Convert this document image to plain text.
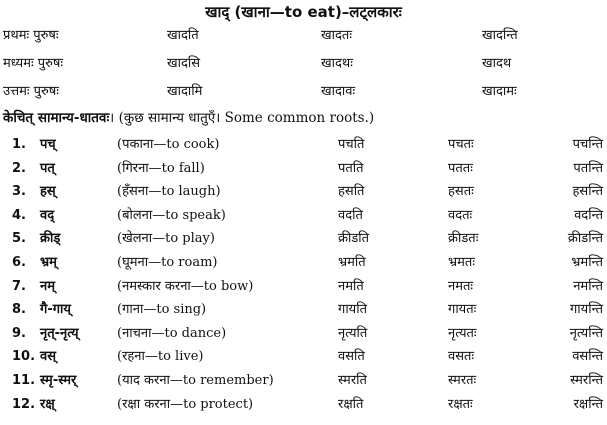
खाद् (खाना—to eat)–लट्लकारः
प्रथमः पुरुषः	खादति	खादतः	खादन्ति
मध्यमः पुरुषः	खादसि	खादथः	खादथ
उत्तमः पुरुषः	खादामि	खादावः	खादामः
केचित् सामान्य-धातवः। (कुछ सामान्य धातुएँ। Some common roots.)
1. पच्	(पकाना—to cook)	पचति	पचतः	पचन्ति
2. पत्	(गिरना—to fall)	पतति	पततः	पतन्ति
3. हस्	(हँसना—to laugh)	हसति	हसतः	हसन्ति
4. वद्	(बोलना—to speak)	वदति	वदतः	वदन्ति
5. क्रीड्	(खेलना—to play)	क्रीडति	क्रीडतः	क्रीडन्ति
6. भ्रम्	(घूमना—to roam)	भ्रमति	भ्रमतः	भ्रमन्ति
7. नम्	(नमस्कार करना—to bow)	नमति	नमतः	नमन्ति
8. गै-गाय्	(गाना—to sing)	गायति	गायतः	गायन्ति
9. नृत्-नृत्य्	(नाचना—to dance)	नृत्यति	नृत्यतः	नृत्यन्ति
10. वस्	(रहना—to live)	वसति	वसतः	वसन्ति
11. स्मृ-स्मर्	(याद करना—to remember)	स्मरति	स्मरतः	स्मरन्ति
12. रक्ष्	(रक्षा करना—to protect)	रक्षति	रक्षतः	रक्षन्ति
